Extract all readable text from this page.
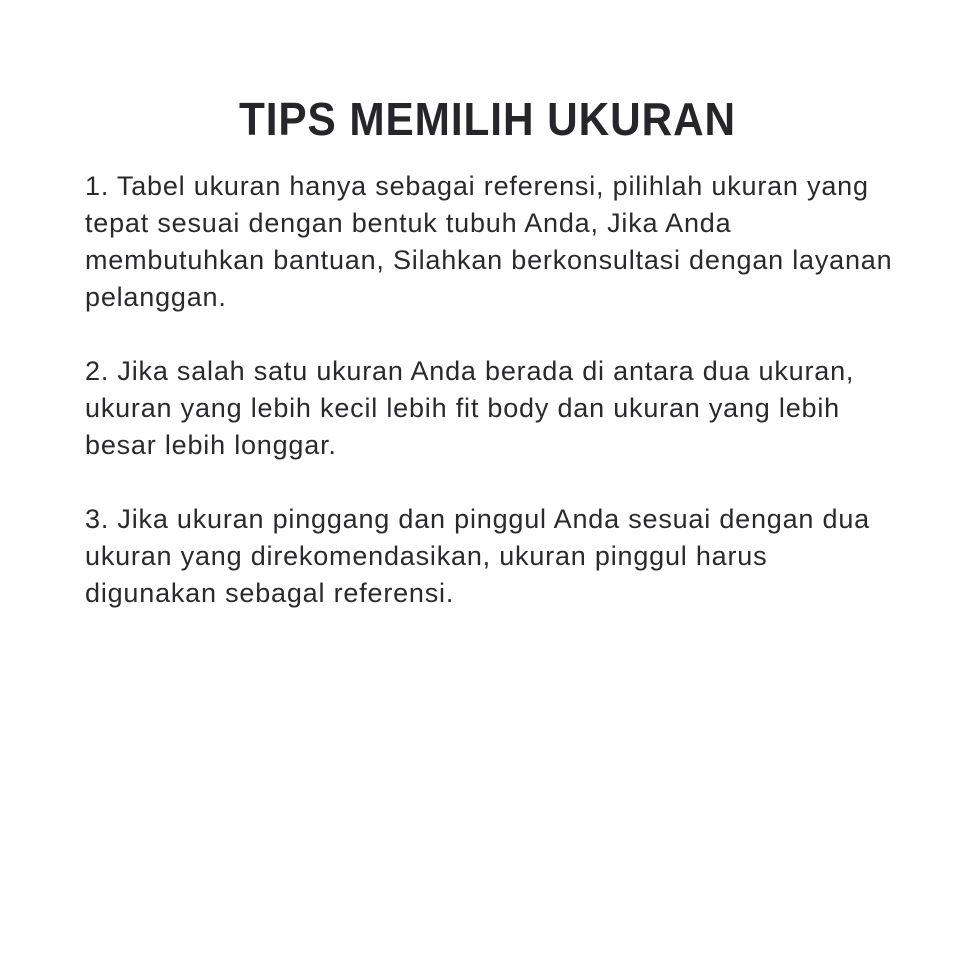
TIPS MEMILIH UKURAN

1. Tabel ukuran hanya sebagai referensi, pilihlah ukuran yang tepat sesuai dengan bentuk tubuh Anda, Jika Anda membutuhkan bantuan, Silahkan berkonsultasi dengan layanan pelanggan.

2. Jika salah satu ukuran Anda berada di antara dua ukuran, ukuran yang lebih kecil lebih fit body dan ukuran yang lebih besar lebih longgar.

3. Jika ukuran pinggang dan pinggul Anda sesuai dengan dua ukuran yang direkomendasikan, ukuran pinggul harus digunakan sebagal referensi.
